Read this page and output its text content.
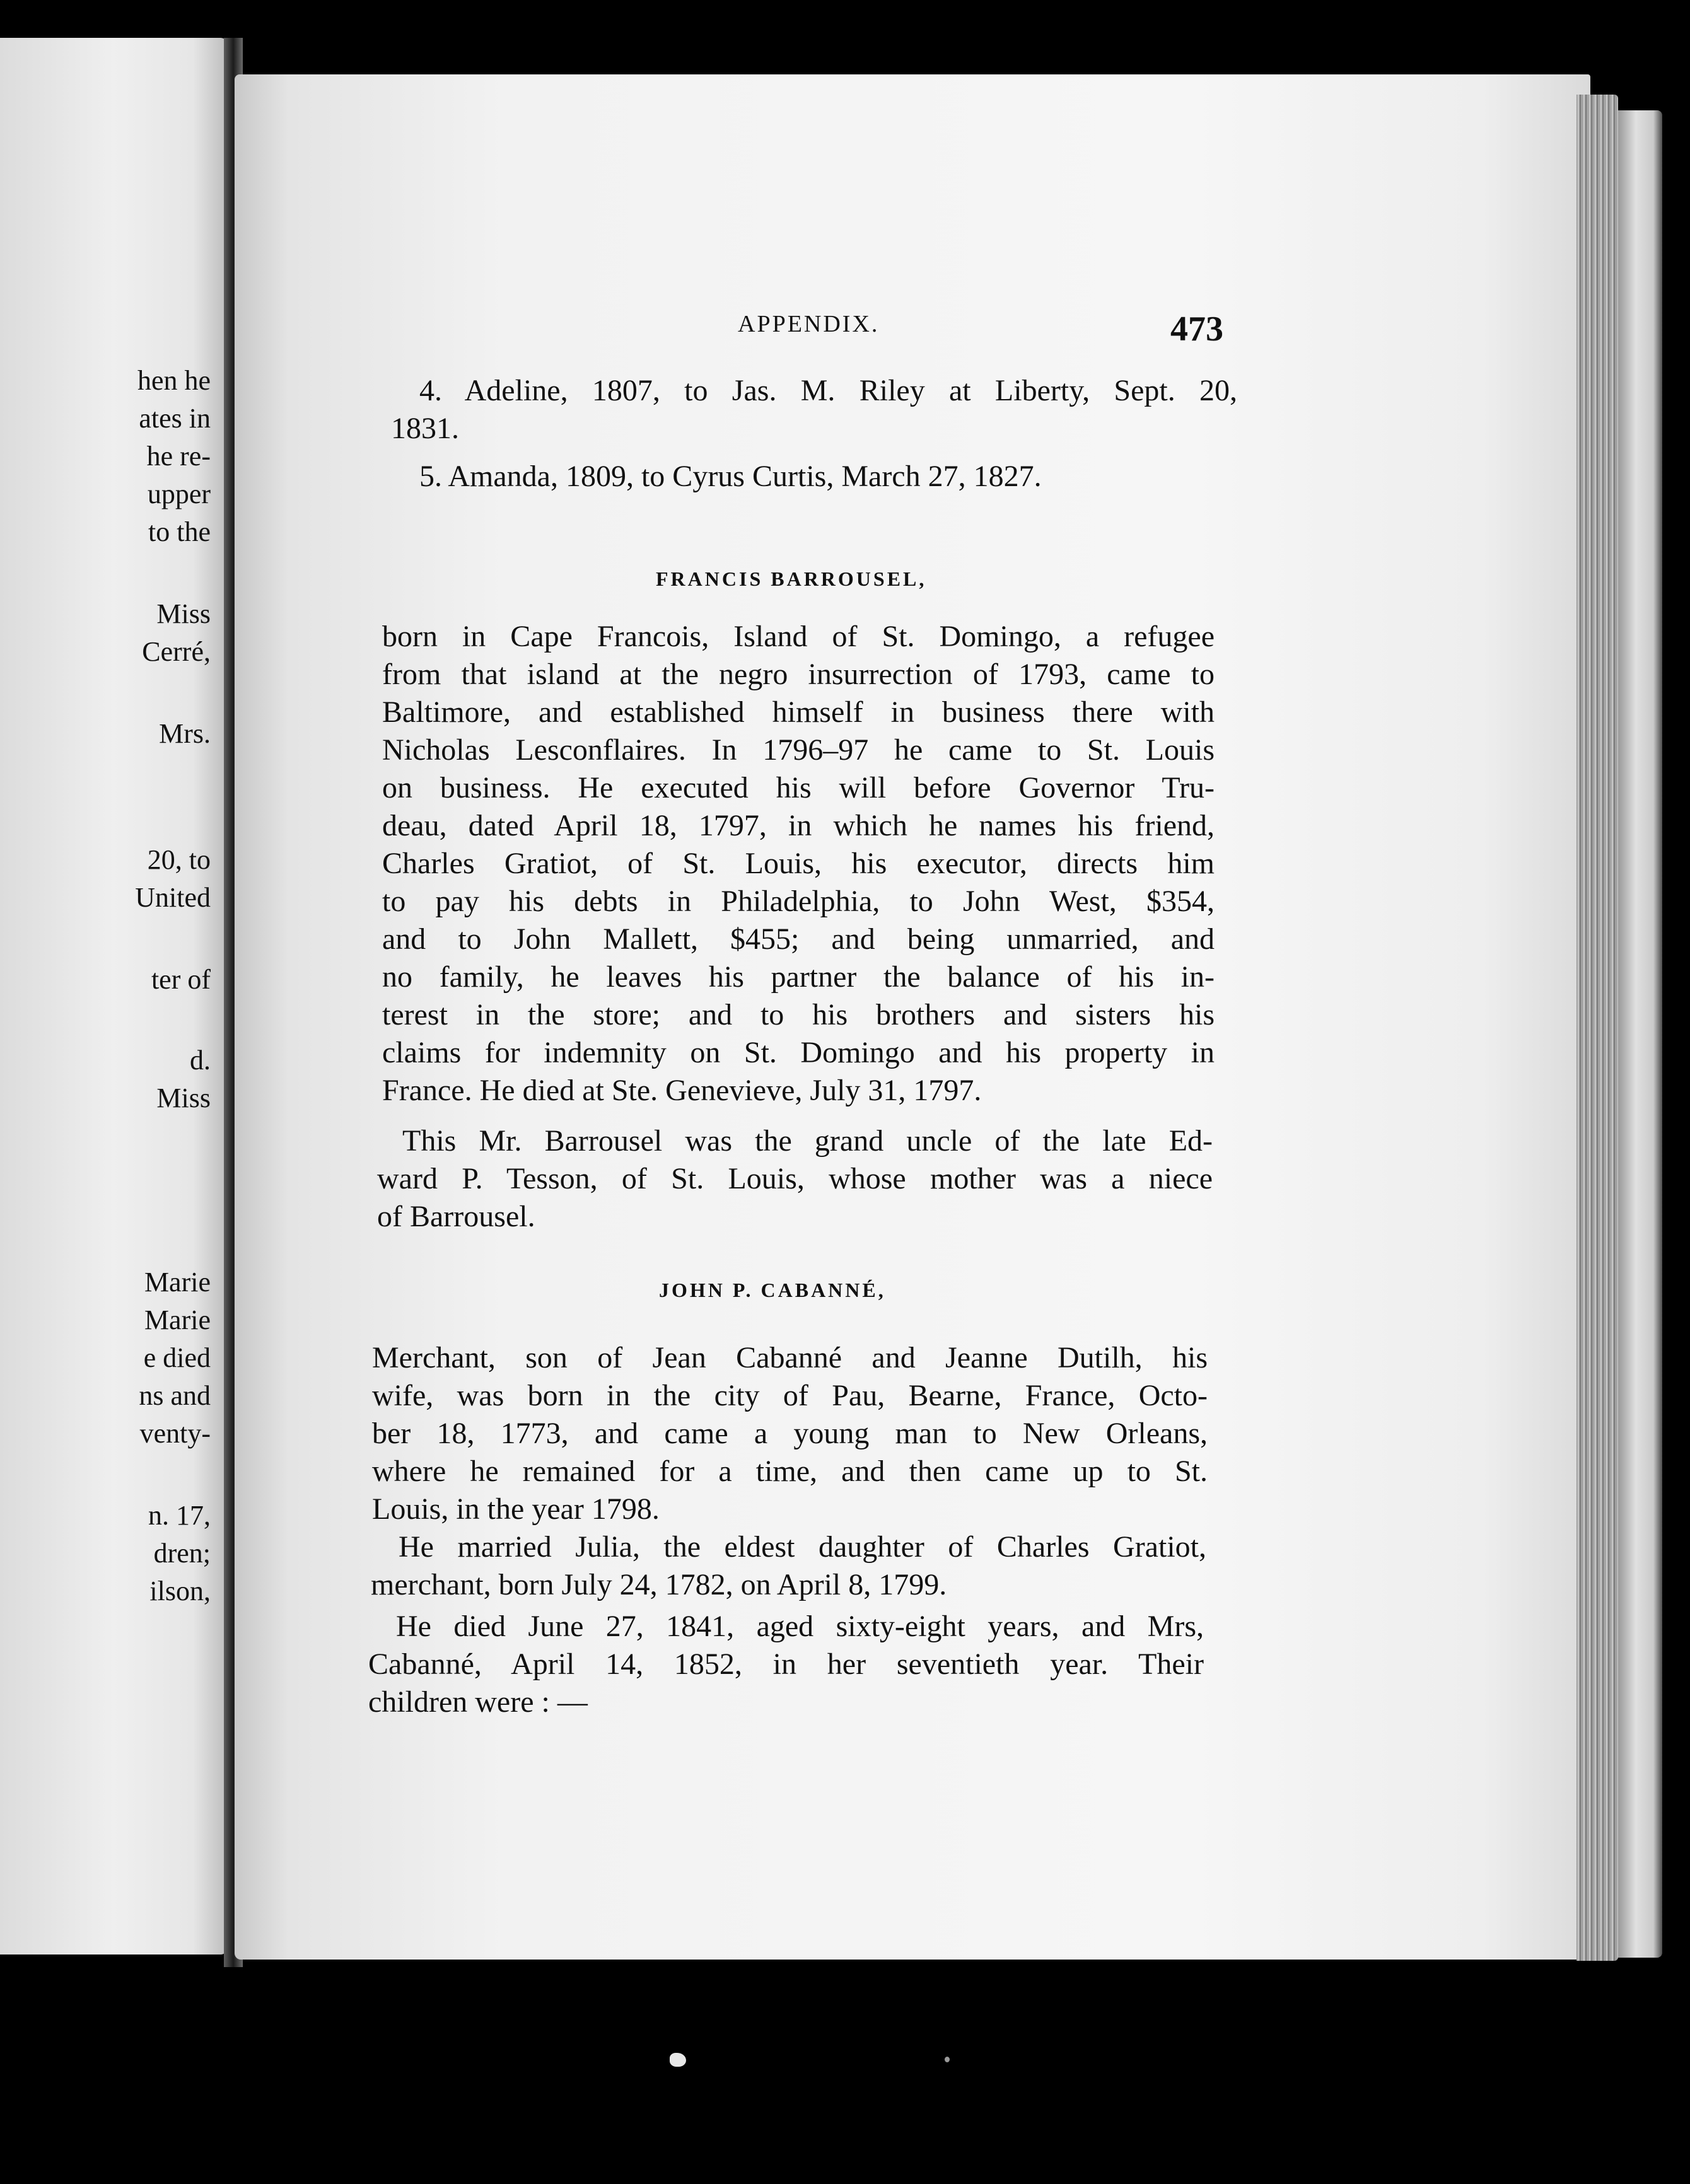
hen he
ates in
he re-
upper
to the
Miss
Cerré,
Mrs.
20, to
United
ter of
d.
Miss
Marie
Marie
e died
ns and
venty-
n. 17,
dren;
ilson,

APPENDIX.	473

4. Adeline, 1807, to Jas. M. Riley at Liberty, Sept. 20,
1831.
5. Amanda, 1809, to Cyrus Curtis, March 27, 1827.
FRANCIS BARROUSEL,
born in Cape Francois, Island of St. Domingo, a refugee
from that island at the negro insurrection of 1793, came to
Baltimore, and established himself in business there with
Nicholas Lesconflaires. In 1796–97 he came to St. Louis
on business. He executed his will before Governor Tru-
deau, dated April 18, 1797, in which he names his friend,
Charles Gratiot, of St. Louis, his executor, directs him
to pay his debts in Philadelphia, to John West, $354,
and to John Mallett, $455; and being unmarried, and
no family, he leaves his partner the balance of his in-
terest in the store; and to his brothers and sisters his
claims for indemnity on St. Domingo and his property in
France. He died at Ste. Genevieve, July 31, 1797.
This Mr. Barrousel was the grand uncle of the late Ed-
ward P. Tesson, of St. Louis, whose mother was a niece
of Barrousel.
JOHN P. CABANNÉ,
Merchant, son of Jean Cabanné and Jeanne Dutilh, his
wife, was born in the city of Pau, Bearne, France, Octo-
ber 18, 1773, and came a young man to New Orleans,
where he remained for a time, and then came up to St.
Louis, in the year 1798.
He married Julia, the eldest daughter of Charles Gratiot,
merchant, born July 24, 1782, on April 8, 1799.
He died June 27, 1841, aged sixty-eight years, and Mrs,
Cabanné, April 14, 1852, in her seventieth year. Their
children were : —
